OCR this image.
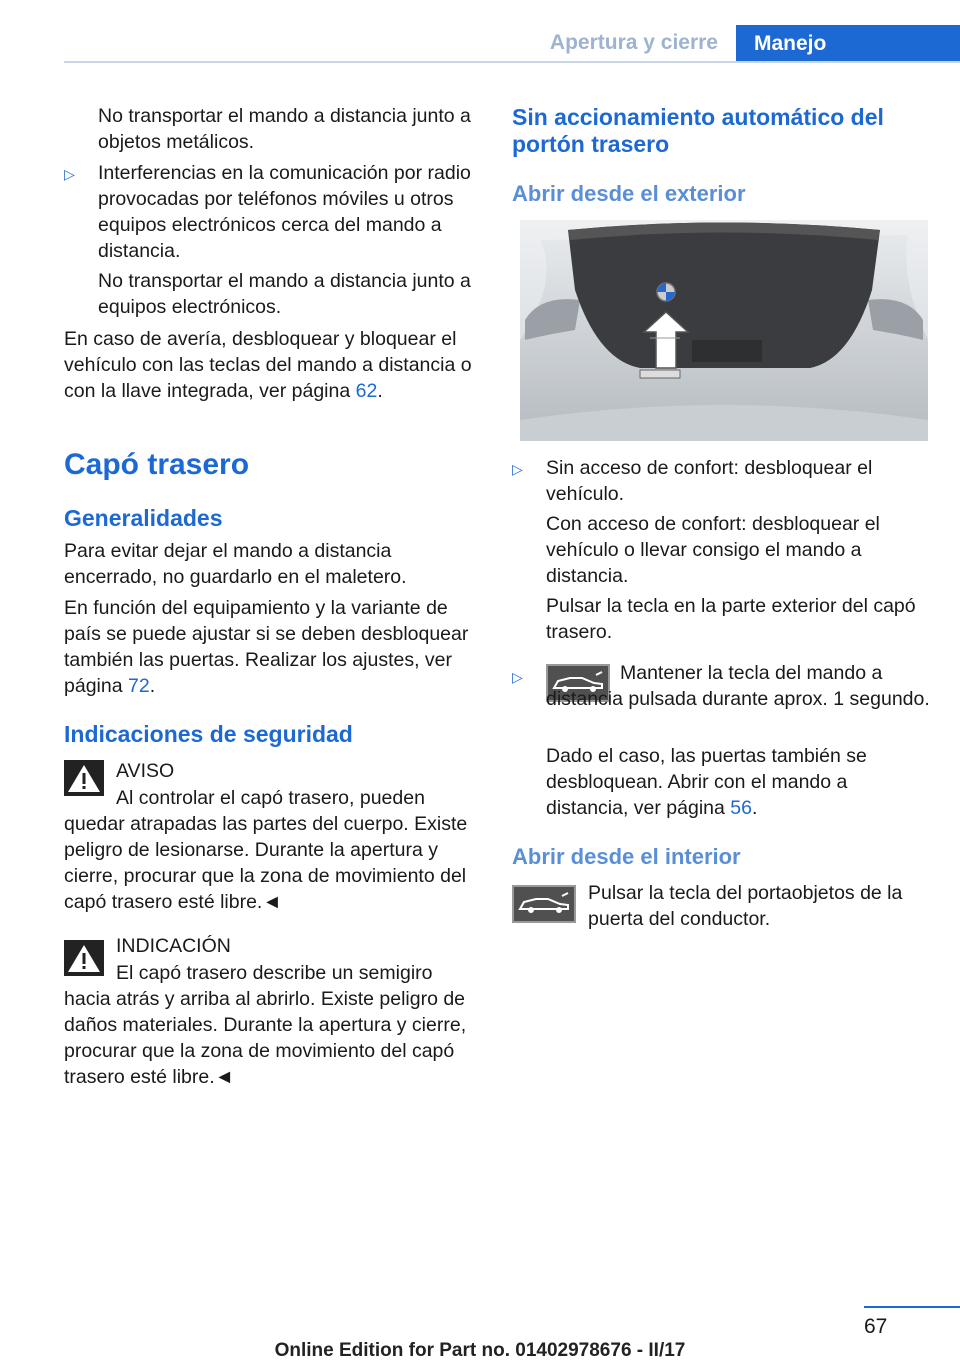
Apertura y cierre	Manejo

No transportar el mando a distancia junto a objetos metálicos.

▷ Interferencias en la comunicación por radio provocadas por teléfonos móviles u otros equipos electrónicos cerca del mando a distancia.

No transportar el mando a distancia junto a equipos electrónicos.

En caso de avería, desbloquear y bloquear el vehículo con las teclas del mando a distancia o con la llave integrada, ver página 62.

Capó trasero
Generalidades

Para evitar dejar el mando a distancia encerrado, no guardarlo en el maletero.

En función del equipamiento y la variante de país se puede ajustar si se deben desbloquear también las puertas. Realizar los ajustes, ver página 72.

Indicaciones de seguridad

AVISO

Al controlar el capó trasero, pueden quedar atrapadas las partes del cuerpo. Existe peligro de lesionarse. Durante la apertura y cierre, procurar que la zona de movimiento del capó trasero esté libre.◄

INDICACIÓN

El capó trasero describe un semigiro hacia atrás y arriba al abrirlo. Existe peligro de daños materiales. Durante la apertura y cierre, procurar que la zona de movimiento del capó trasero esté libre.◄

Sin accionamiento automático del portón trasero
Abrir desde el exterior
▷ Sin acceso de confort: desbloquear el vehículo.

Con acceso de confort: desbloquear el vehículo o llevar consigo el mando a distancia.

Pulsar la tecla en la parte exterior del capó trasero.

▷	Mantener la tecla del mando a distancia pulsada durante aprox. 1 segundo.

Dado el caso, las puertas también se desbloquean. Abrir con el mando a distancia, ver página 56.

Abrir desde el interior

Pulsar la tecla del portaobjetos de la puerta del conductor.

67
Online Edition for Part no. 01402978676 - II/17
